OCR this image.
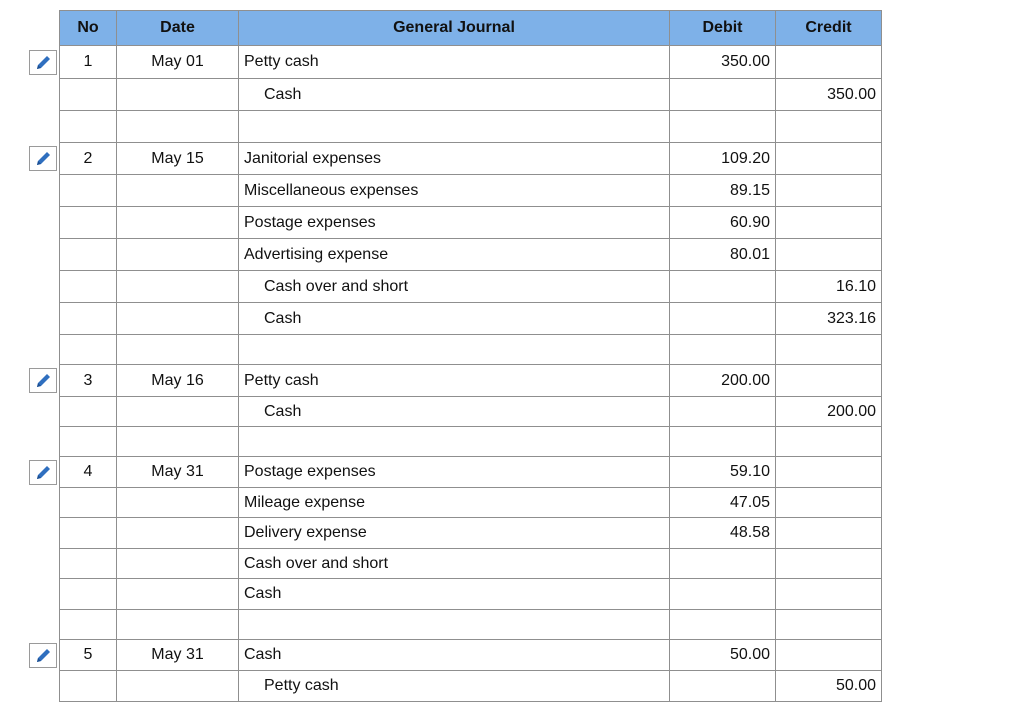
No	Date	General Journal	Debit	Credit
1	May 01	Petty cash	350.00	
		Cash		350.00

2	May 15	Janitorial expenses	109.20	
		Miscellaneous expenses	89.15	
		Postage expenses	60.90	
		Advertising expense	80.01	
		Cash over and short		16.10
		Cash		323.16

3	May 16	Petty cash	200.00	
		Cash		200.00

4	May 31	Postage expenses	59.10	
		Mileage expense	47.05	
		Delivery expense	48.58	
		Cash over and short		
		Cash		

5	May 31	Cash	50.00	
		Petty cash		50.00
